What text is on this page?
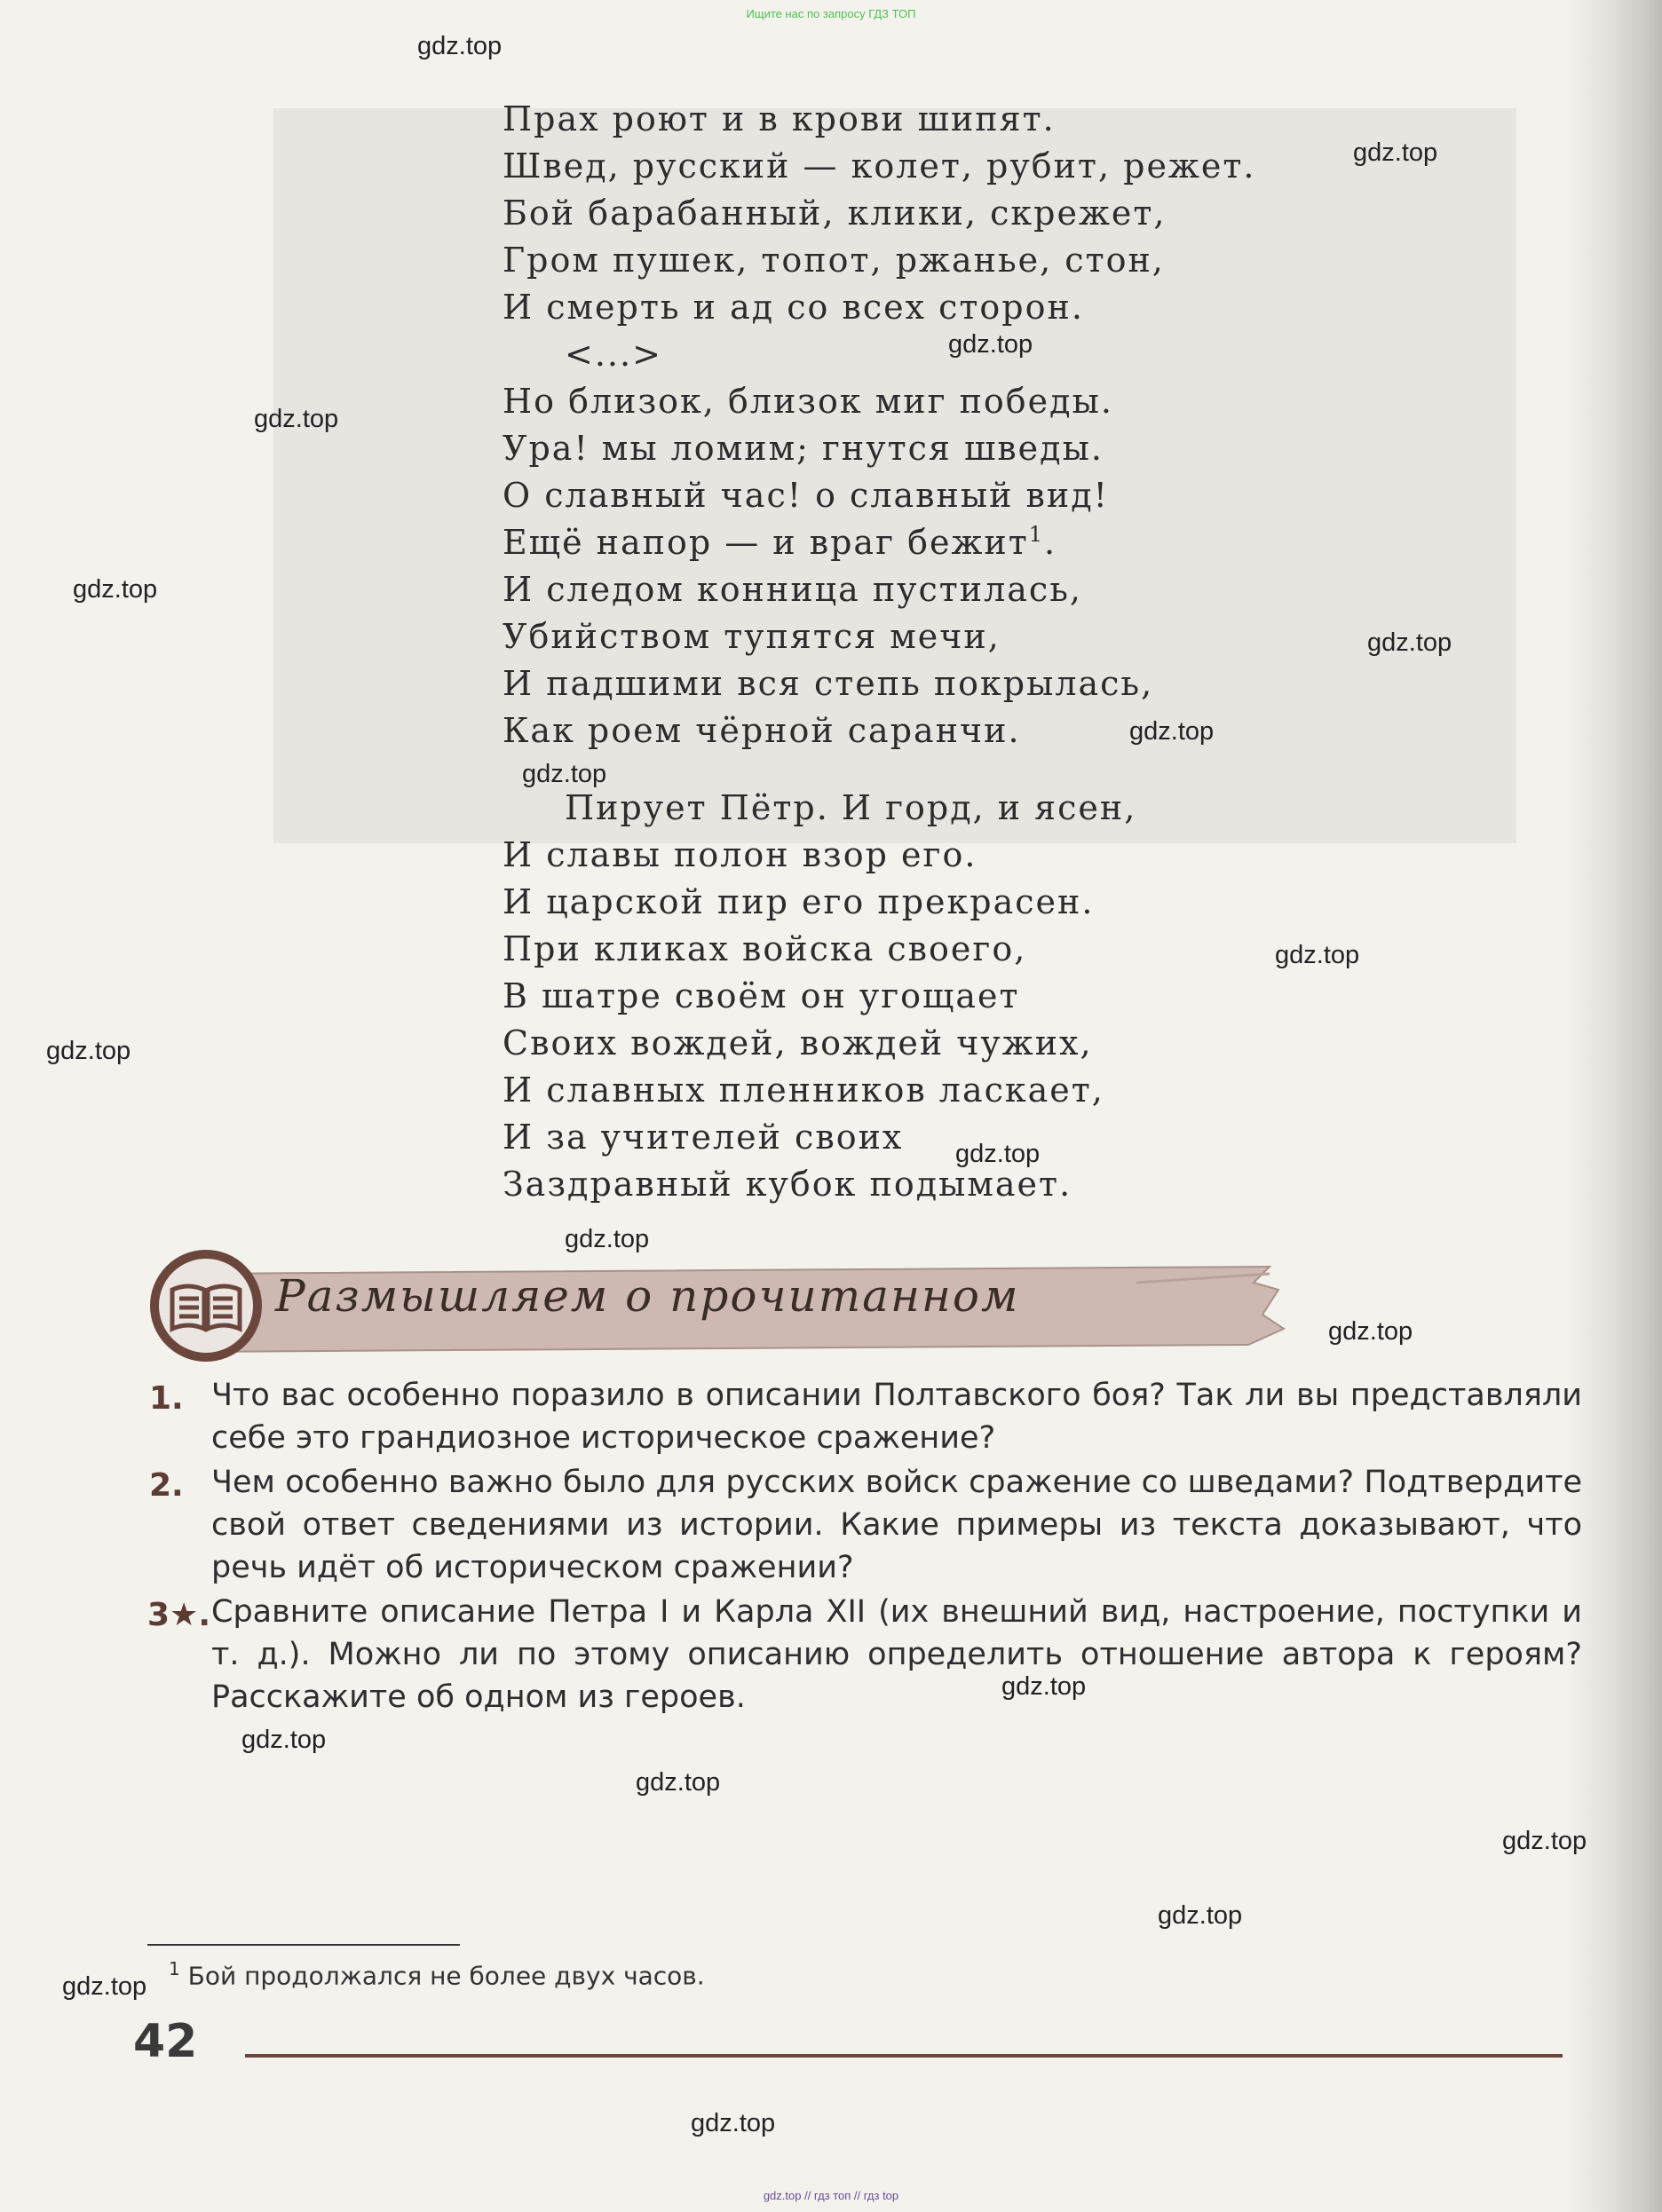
Ищите нас по запросу ГДЗ ТОП
Прах роют и в крови шипят.
Швед, русский — колет, рубит, режет.
Бой барабанный, клики, скрежет,
Гром пушек, топот, ржанье, стон,
И смерть и ад со всех сторон.
<...>
Но близок, близок миг победы.
Ура! мы ломим; гнутся шведы.
О славный час! о славный вид!
Ещё напор — и враг бежит$^1$.
И следом конница пустилась,
Убийством тупятся мечи,
И падшими вся степь покрылась,
Как роем чёрной саранчи.
Пирует Пётр. И горд, и ясен,
И славы полон взор его.
И царской пир его прекрасен.
При кликах войска своего,
В шатре своём он угощает
Своих вождей, вождей чужих,
И славных пленников ласкает,
И за учителей своих
Заздравный кубок подымает.
Размышляем о прочитанном
1. Что вас особенно поразило в описании Полтавского боя? Так ли вы представляли себе это грандиозное историческое сражение?
2. Чем особенно важно было для русских войск сражение со шведами? Подтвердите свой ответ сведениями из истории. Какие примеры из текста доказывают, что речь идёт об историческом сражении?
3★. Сравните описание Петра I и Карла XII (их внешний вид, настроение, поступки и т. д.). Можно ли по этому описанию определить отношение автора к героям? Расскажите об одном из героев.
$^1$ Бой продолжался не более двух часов.
42
gdz.top
gdz.top
gdz.top
gdz.top
gdz.top
gdz.top
gdz.top
gdz.top
gdz.top
gdz.top
gdz.top
gdz.top
gdz.top
gdz.top
gdz.top
gdz.top
gdz.top
gdz.top
gdz.top
gdz.top
gdz.top // гдз топ // гдз top
